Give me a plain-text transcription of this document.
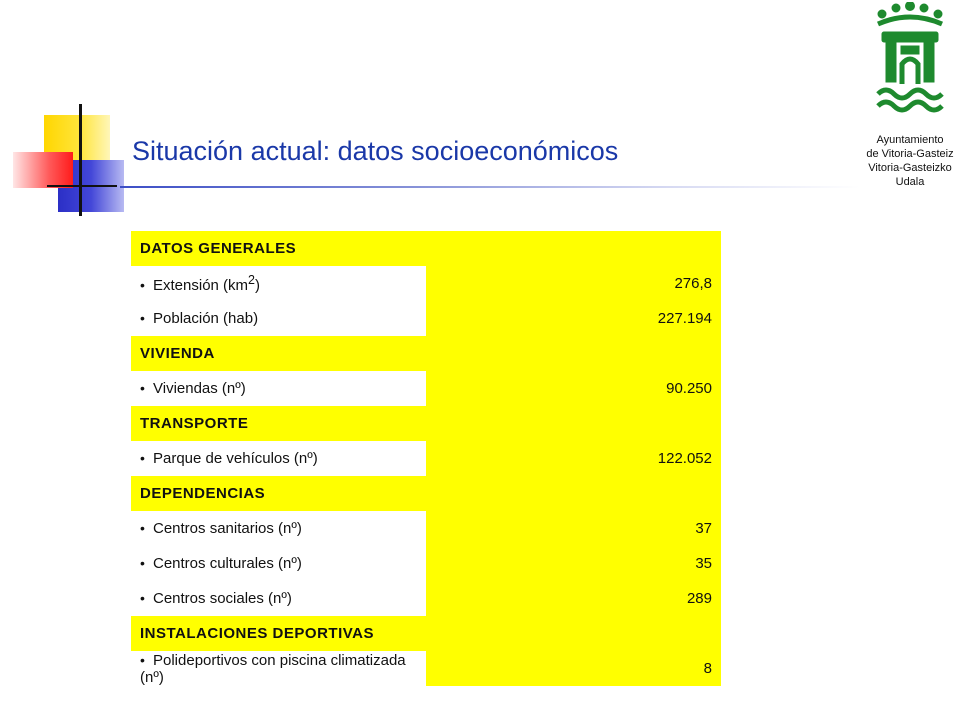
Situación actual: datos socioeconómicos	Ayuntamiento
de Vitoria-Gasteiz
Vitoria-Gasteizko
Udala
DATOS GENERALES	
• Extensión $(km^2)$	276,8
• Población (hab)	227.194
VIVIENDA	
• Viviendas (nº)	90.250
TRANSPORTE	
• Parque de vehículos (nº)	122.052
DEPENDENCIAS	
• Centros sanitarios (nº)	37
• Centros culturales (nº)	35
• Centros sociales (nº)	289
INSTALACIONES DEPORTIVAS	
• Polideportivos con piscina climatizada (nº)	8
